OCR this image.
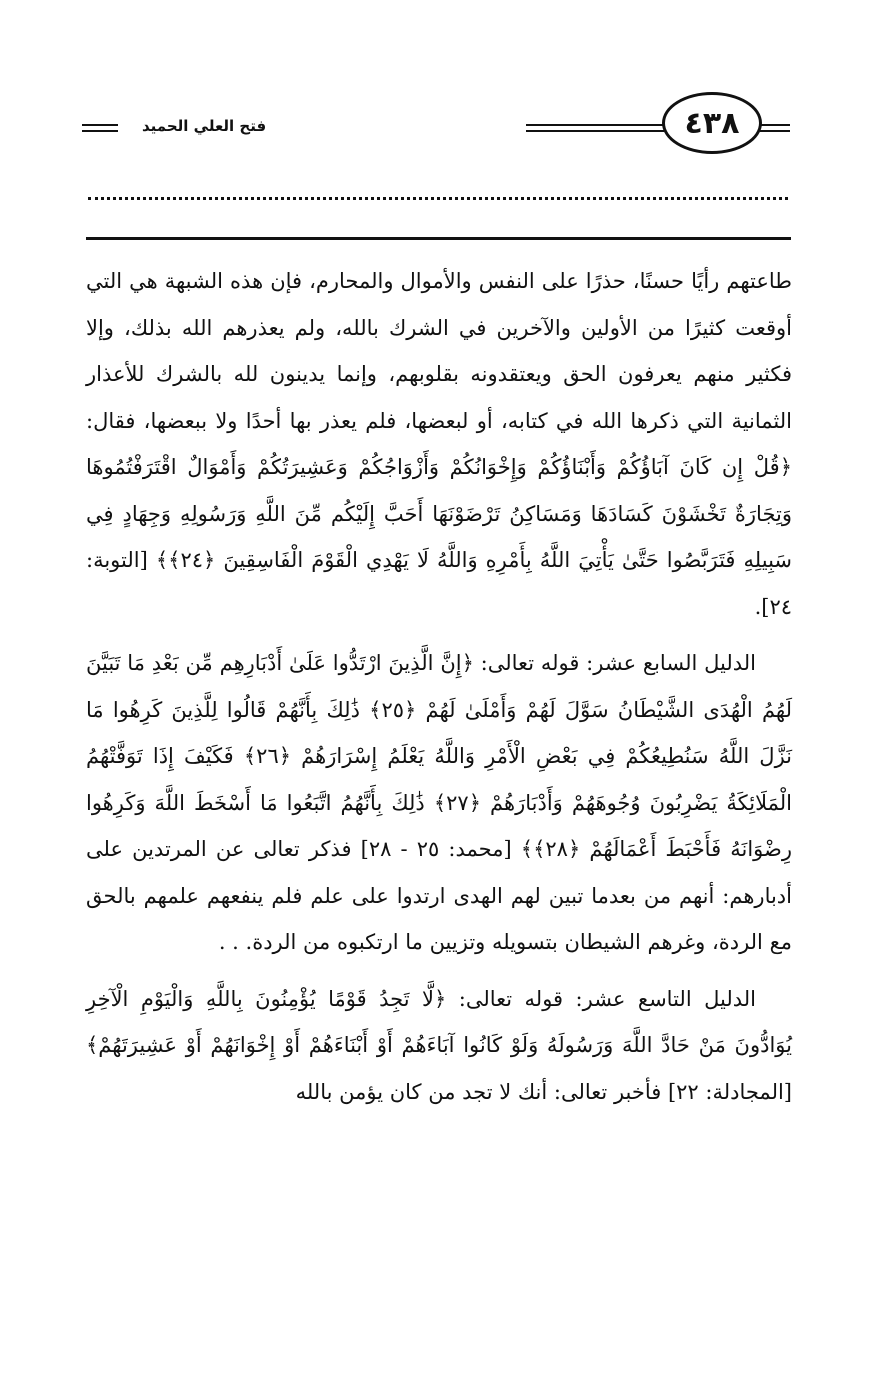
فتح العلي الحميد	٤٣٨

طاعتهم رأيًا حسنًا، حذرًا على النفس والأموال والمحارم، فإن هذه الشبهة هي التي أوقعت كثيرًا من الأولين والآخرين في الشرك بالله، ولم يعذرهم الله بذلك، وإلا فكثير منهم يعرفون الحق ويعتقدونه بقلوبهم، وإنما يدينون لله بالشرك للأعذار الثمانية التي ذكرها الله في كتابه، أو لبعضها، فلم يعذر بها أحدًا ولا ببعضها، فقال: ﴿قُلْ إِن كَانَ آبَاؤُكُمْ وَأَبْنَاؤُكُمْ وَإِخْوَانُكُمْ وَأَزْوَاجُكُمْ وَعَشِيرَتُكُمْ وَأَمْوَالٌ اقْتَرَفْتُمُوهَا وَتِجَارَةٌ تَخْشَوْنَ كَسَادَهَا وَمَسَاكِنُ تَرْضَوْنَهَا أَحَبَّ إِلَيْكُم مِّنَ اللَّهِ وَرَسُولِهِ وَجِهَادٍ فِي سَبِيلِهِ فَتَرَبَّصُوا حَتَّىٰ يَأْتِيَ اللَّهُ بِأَمْرِهِ وَاللَّهُ لَا يَهْدِي الْقَوْمَ الْفَاسِقِينَ ﴿٢٤﴾﴾ [التوبة: ٢٤].

الدليل السابع عشر: قوله تعالى: ﴿إِنَّ الَّذِينَ ارْتَدُّوا عَلَىٰ أَدْبَارِهِم مِّن بَعْدِ مَا تَبَيَّنَ لَهُمُ الْهُدَى الشَّيْطَانُ سَوَّلَ لَهُمْ وَأَمْلَىٰ لَهُمْ ﴿٢٥﴾ ذَٰلِكَ بِأَنَّهُمْ قَالُوا لِلَّذِينَ كَرِهُوا مَا نَزَّلَ اللَّهُ سَنُطِيعُكُمْ فِي بَعْضِ الْأَمْرِ وَاللَّهُ يَعْلَمُ إِسْرَارَهُمْ ﴿٢٦﴾ فَكَيْفَ إِذَا تَوَفَّتْهُمُ الْمَلَائِكَةُ يَضْرِبُونَ وُجُوهَهُمْ وَأَدْبَارَهُمْ ﴿٢٧﴾ ذَٰلِكَ بِأَنَّهُمُ اتَّبَعُوا مَا أَسْخَطَ اللَّهَ وَكَرِهُوا رِضْوَانَهُ فَأَحْبَطَ أَعْمَالَهُمْ ﴿٢٨﴾﴾ [محمد: ٢٥ - ٢٨] فذكر تعالى عن المرتدين على أدبارهم: أنهم من بعدما تبين لهم الهدى ارتدوا على علم فلم ينفعهم علمهم بالحق مع الردة، وغرهم الشيطان بتسويله وتزيين ما ارتكبوه من الردة. . .

الدليل التاسع عشر: قوله تعالى: ﴿لَّا تَجِدُ قَوْمًا يُؤْمِنُونَ بِاللَّهِ وَالْيَوْمِ الْآخِرِ يُوَادُّونَ مَنْ حَادَّ اللَّهَ وَرَسُولَهُ وَلَوْ كَانُوا آبَاءَهُمْ أَوْ أَبْنَاءَهُمْ أَوْ إِخْوَانَهُمْ أَوْ عَشِيرَتَهُمْ﴾ [المجادلة: ٢٢] فأخبر تعالى: أنك لا تجد من كان يؤمن بالله
